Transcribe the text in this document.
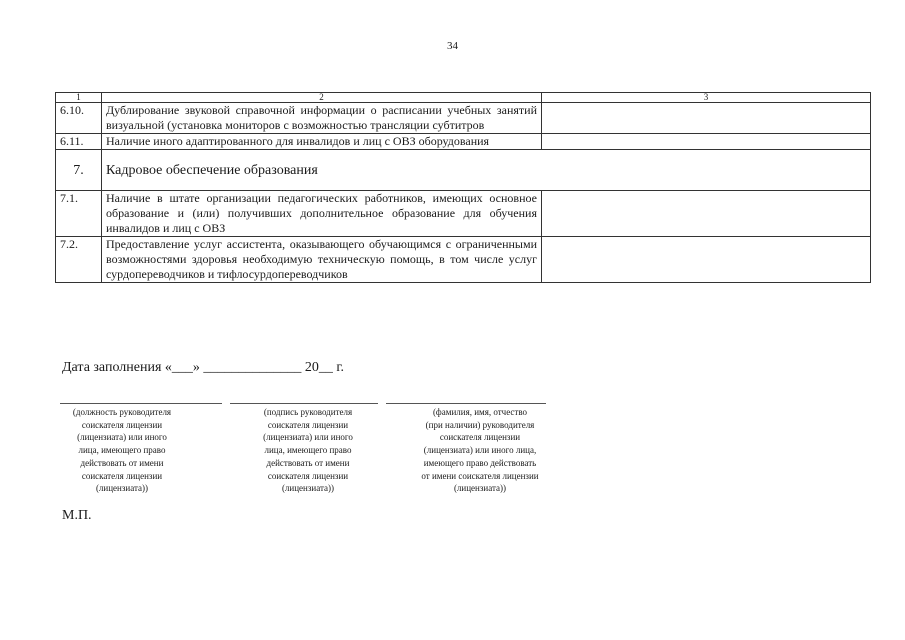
34
1	2	3
6.10.	Дублирование звуковой справочной информации о расписании учебных занятий визуальной (установка мониторов с возможностью трансляции субтитров	
6.11.	Наличие иного адаптированного для инвалидов и лиц с ОВЗ оборудования	
7.	Кадровое обеспечение образования	
7.1.	Наличие в штате организации педагогических работников, имеющих основное образование и (или) получивших дополнительное образование для обучения инвалидов и лиц с ОВЗ	
7.2.	Предоставление услуг ассистента, оказывающего обучающимся с ограниченными возможностями здоровья необходимую техническую помощь, в том числе услуг сурдопереводчиков и тифлосурдопереводчиков	
Дата заполнения «___» ______________ 20__ г.
(должность руководителя
соискателя лицензии
(лицензиата) или иного
лица, имеющего право
действовать от имени
соискателя лицензии
(лицензиата))
(подпись руководителя
соискателя лицензии
(лицензиата) или иного
лица, имеющего право
действовать от имени
соискателя лицензии
(лицензиата))
(фамилия, имя, отчество
(при наличии) руководителя
соискателя лицензии
(лицензиата) или иного лица,
имеющего право действовать
от имени соискателя лицензии
(лицензиата))
М.П.
